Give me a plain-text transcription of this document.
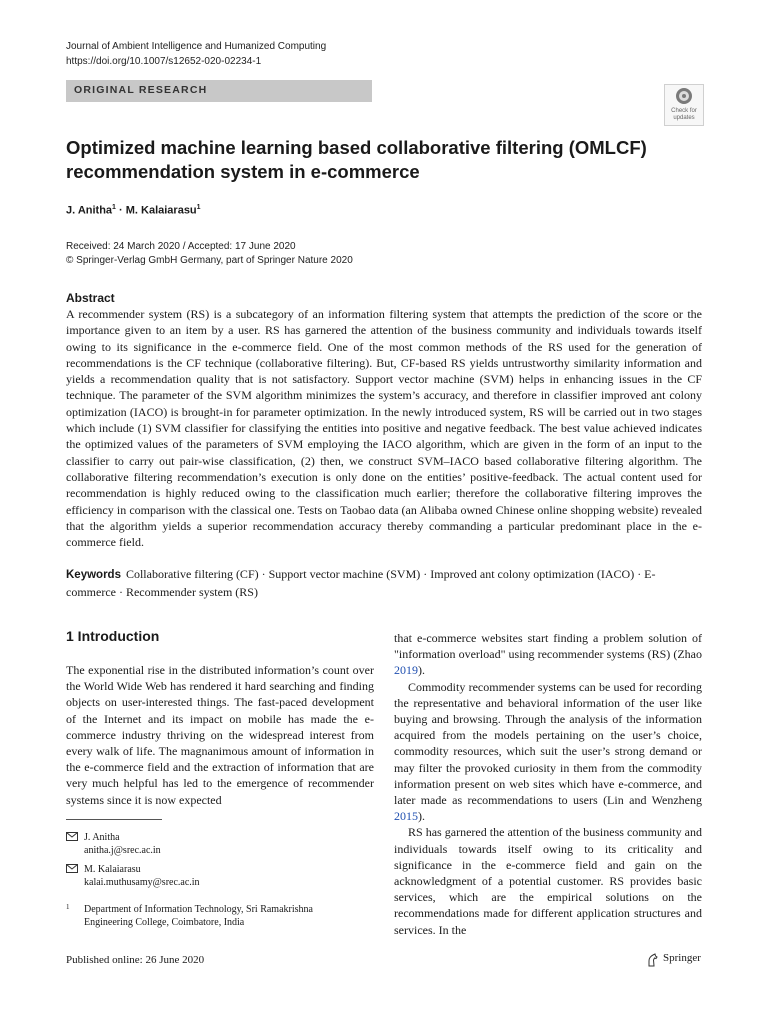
Journal of Ambient Intelligence and Humanized Computing
https://doi.org/10.1007/s12652-020-02234-1
ORIGINAL RESEARCH
Check for
updates
Optimized machine learning based collaborative filtering (OMLCF) recommendation system in e-commerce
J. Anitha$^1$ · M. Kalaiarasu$^1$
Received: 24 March 2020 / Accepted: 17 June 2020
© Springer-Verlag GmbH Germany, part of Springer Nature 2020
Abstract
A recommender system (RS) is a subcategory of an information filtering system that attempts the prediction of the score or the importance given to an item by a user. RS has garnered the attention of the business community and individuals towards itself owing to its significance in the e-commerce field. One of the most common methods of the RS used for the generation of recommendations is the CF technique (collaborative filtering). But, CF-based RS yields untrustworthy similarity information and yields a recommendation quality that is not satisfactory. Support vector machine (SVM) helps in enhancing issues in the CF technique. The parameter of the SVM algorithm minimizes the system’s accuracy, and therefore in classifier improved ant colony optimization (IACO) is brought-in for parameter optimization. In the newly introduced system, RS will be carried out in two stages which include (1) SVM classifier for classifying the entities into positive and negative feedback. The best value achieved indicates the optimized values of the parameters of SVM employing the IACO algorithm, which are given in the form of an input to the classifier to carry out pair-wise classification, (2) then, we construct SVM–IACO based collaborative filtering algorithm. The collaborative filtering recommendation’s execution is only done on the entities’ positive-feedback. The actual content used for recommendation is highly reduced owing to the classification much earlier; therefore the collaborative filtering improves the efficiency in comparison with the classical one. Tests on Taobao data (an Alibaba owned Chinese online shopping website) revealed that the algorithm yields a superior recommendation accuracy thereby commanding a particular predominant place in the e-commerce field.
Keywords Collaborative filtering (CF) · Support vector machine (SVM) · Improved ant colony optimization (IACO) · E-commerce · Recommender system (RS)
1 Introduction

The exponential rise in the distributed information’s count over the World Wide Web has rendered it hard searching and finding objects on user-interested things. The fast-paced development of the Internet and its impact on mobile has made the e-commerce industry thriving on the widespread interest from every walk of life. The magnanimous amount of information in the e-commerce field and the extraction of information that are very much helpful has led to the emergence of recommender systems since it is now expected

that e-commerce websites start finding a problem solution of "information overload" using recommender systems (RS) (Zhao 2019).

Commodity recommender systems can be used for recording the representative and behavioral information of the user like buying and browsing. Through the analysis of the information acquired from the models pertaining on the user’s choice, commodity resources, which suit the user’s strong demand or may filter the provoked curiosity in them from the commodity information present on web sites which have e-commerce, and later made as recommendations to users (Lin and Wenzheng 2015).

RS has garnered the attention of the business community and individuals towards itself owing to its criticality and significance in the e-commerce field and gain on the acknowledgment of a potential customer. RS provides basic services, which are the empirical solutions on the recommendations made for different application structures and services. In the

J. Anitha
anitha.j@srec.ac.in
M. Kalaiarasu
kalai.muthusamy@srec.ac.in
1 Department of Information Technology, Sri Ramakrishna
Engineering College, Coimbatore, India
Published online: 26 June 2020	Springer
